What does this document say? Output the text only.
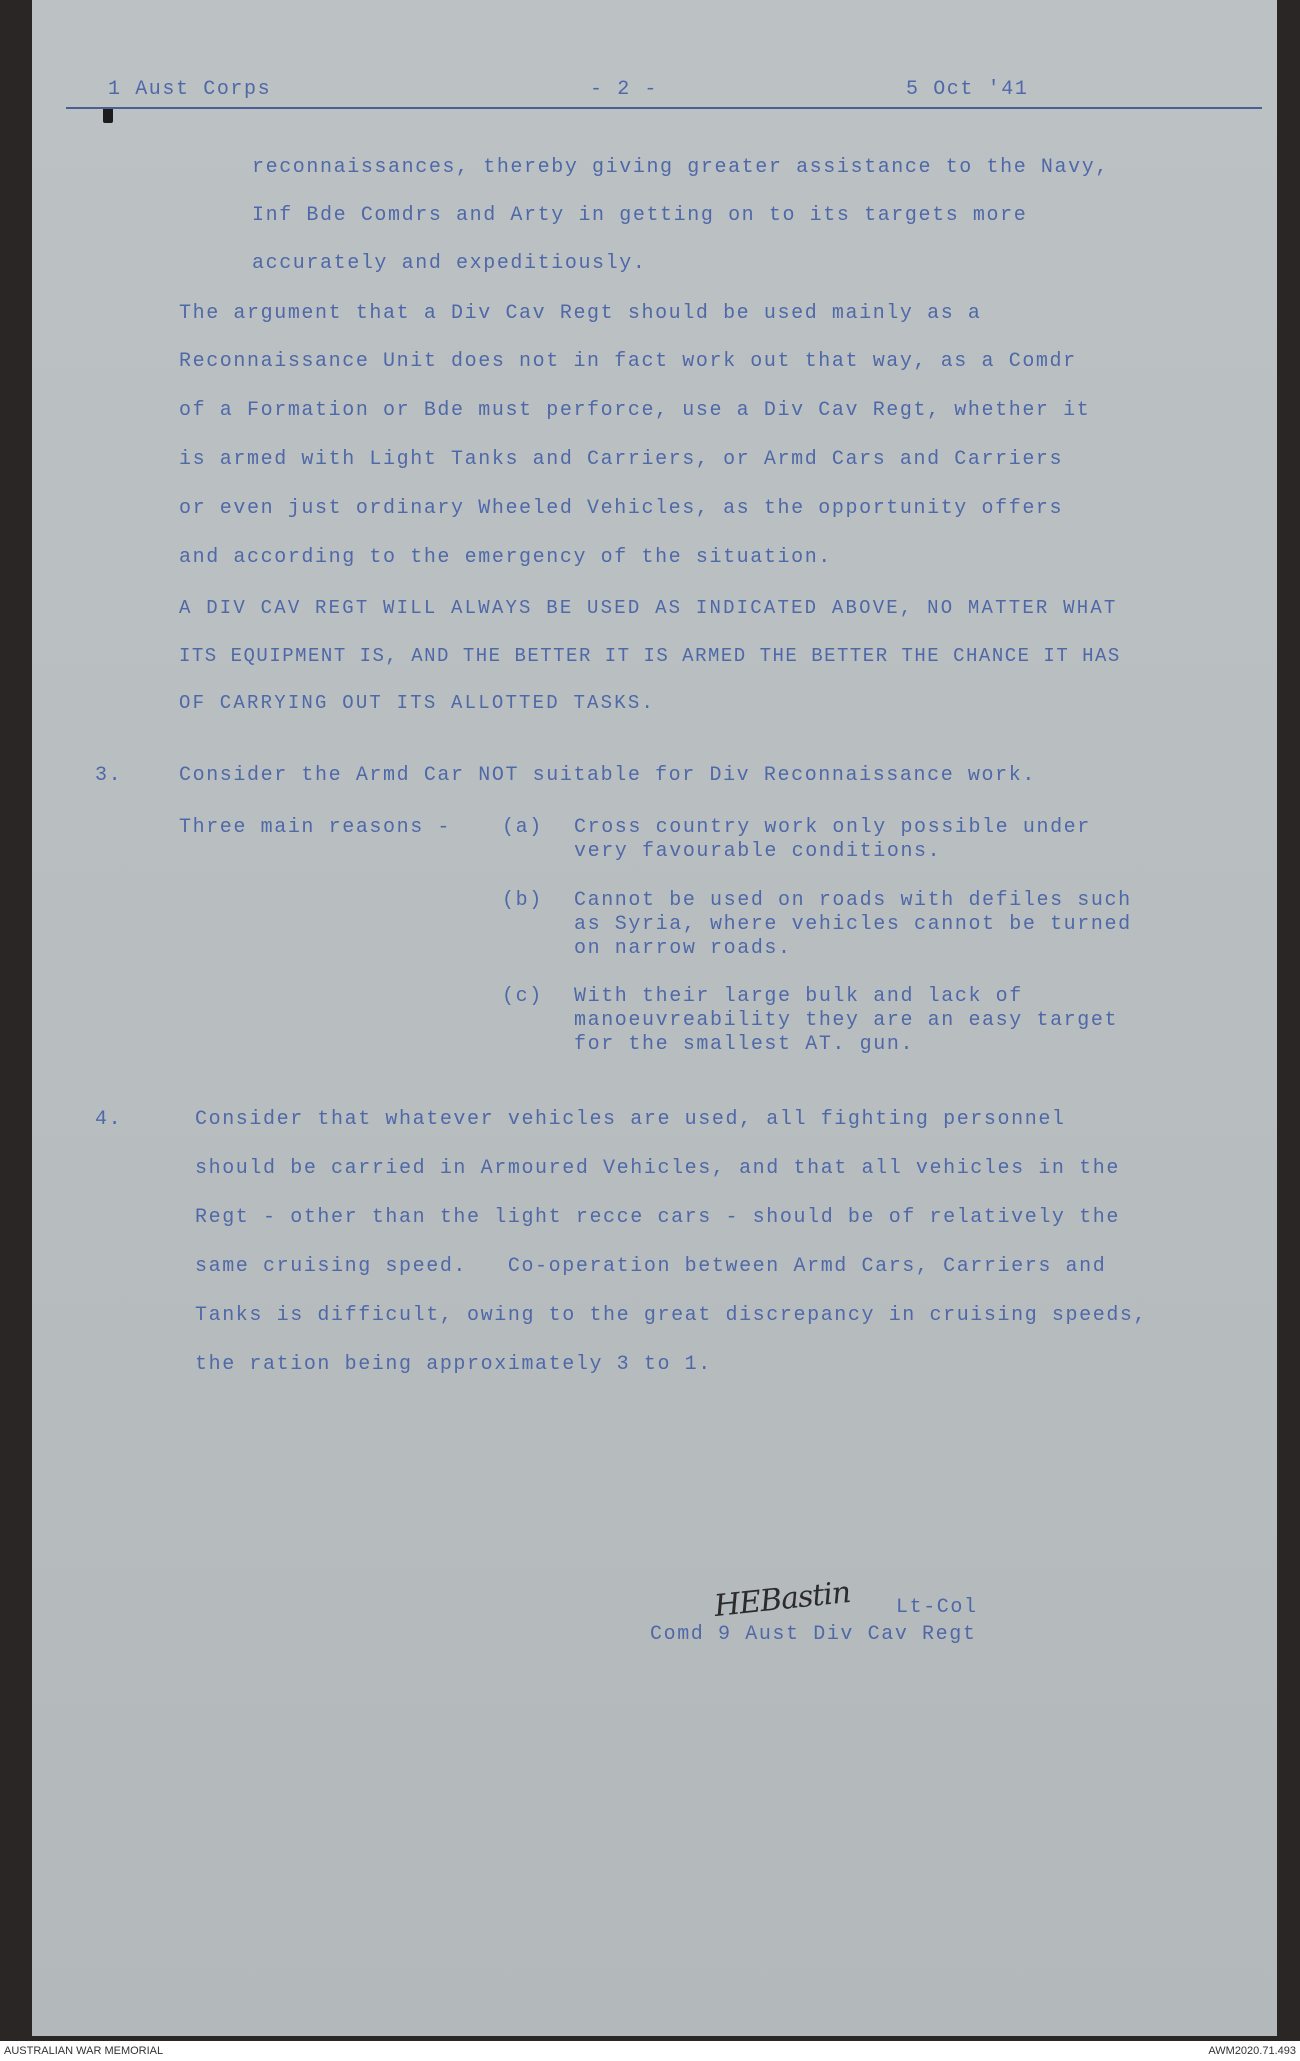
1 Aust Corps	- 2 -	5 Oct '41
reconnaissances, thereby giving greater assistance to the Navy,
Inf Bde Comdrs and Arty in getting on to its targets more
accurately and expeditiously.
The argument that a Div Cav Regt should be used mainly as a
Reconnaissance Unit does not in fact work out that way, as a Comdr
of a Formation or Bde must perforce, use a Div Cav Regt, whether it
is armed with Light Tanks and Carriers, or Armd Cars and Carriers
or even just ordinary Wheeled Vehicles, as the opportunity offers
and according to the emergency of the situation.
A DIV CAV REGT WILL ALWAYS BE USED AS INDICATED ABOVE, NO MATTER WHAT
ITS EQUIPMENT IS, AND THE BETTER IT IS ARMED THE BETTER THE CHANCE IT HAS
OF CARRYING OUT ITS ALLOTTED TASKS.
3.	Consider the Armd Car NOT suitable for Div Reconnaissance work.
Three main reasons -	(a) Cross country work only possible under
very favourable conditions.
(b) Cannot be used on roads with defiles such
as Syria, where vehicles cannot be turned
on narrow roads.
(c) With their large bulk and lack of
manoeuvreability they are an easy target
for the smallest AT. gun.
4.	Consider that whatever vehicles are used, all fighting personnel
should be carried in Armoured Vehicles, and that all vehicles in the
Regt - other than the light recce cars - should be of relatively the
same cruising speed.   Co-operation between Armd Cars, Carriers and
Tanks is difficult, owing to the great discrepancy in cruising speeds,
the ration being approximately 3 to 1.
HEBastin Lt-Col
Comd 9 Aust Div Cav Regt
AUSTRALIAN WAR MEMORIAL	AWM2020.71.493
